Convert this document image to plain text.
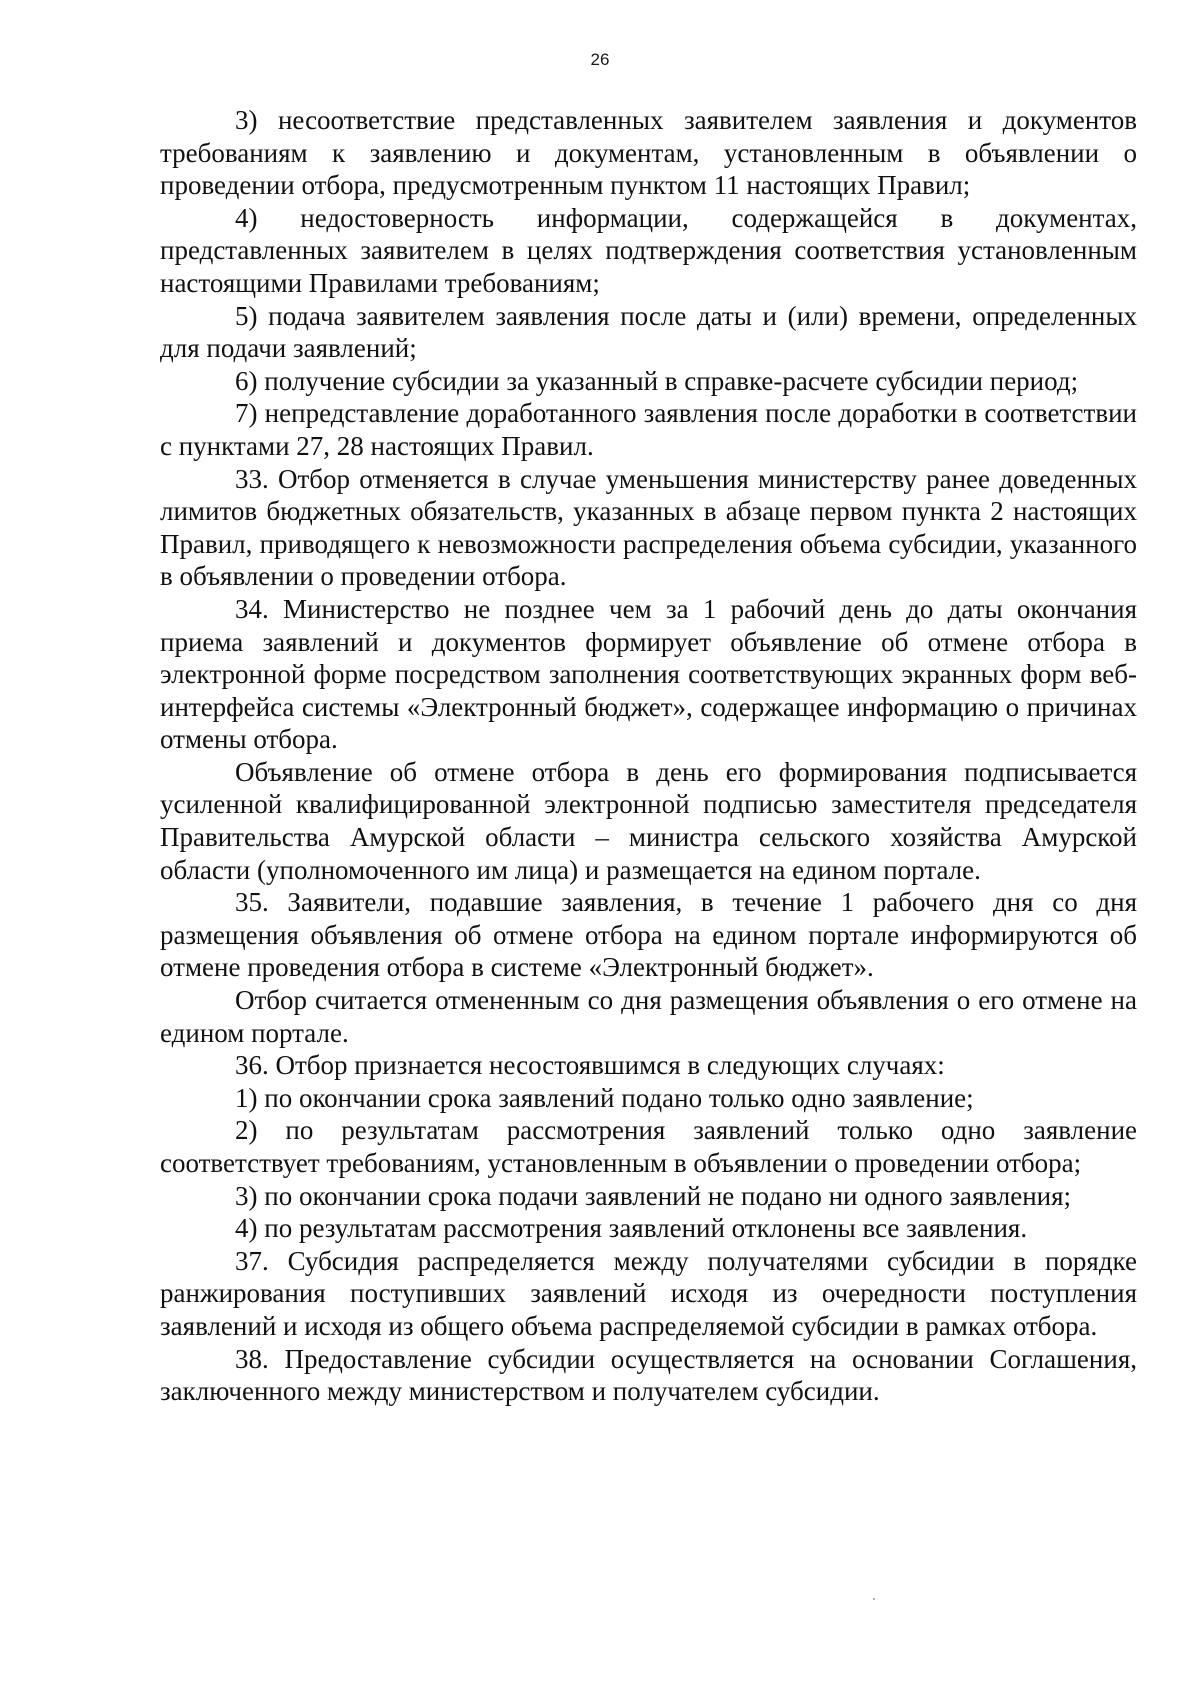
26

3) несоответствие представленных заявителем заявления и документов требованиям к заявлению и документам, установленным в объявлении о проведении отбора, предусмотренным пунктом 11 настоящих Правил;

4) недостоверность информации, содержащейся в документах, представленных заявителем в целях подтверждения соответствия установленным настоящими Правилами требованиям;

5) подача заявителем заявления после даты и (или) времени, определенных для подачи заявлений;

6) получение субсидии за указанный в справке-расчете субсидии период;

7) непредставление доработанного заявления после доработки в соответствии с пунктами 27, 28 настоящих Правил.

33. Отбор отменяется в случае уменьшения министерству ранее доведенных лимитов бюджетных обязательств, указанных в абзаце первом пункта 2 настоящих Правил, приводящего к невозможности распределения объема субсидии, указанного в объявлении о проведении отбора.

34. Министерство не позднее чем за 1 рабочий день до даты окончания приема заявлений и документов формирует объявление об отмене отбора в электронной форме посредством заполнения соответствующих экранных форм веб-интерфейса системы «Электронный бюджет», содержащее информацию о причинах отмены отбора.

Объявление об отмене отбора в день его формирования подписывается усиленной квалифицированной электронной подписью заместителя председателя Правительства Амурской области – министра сельского хозяйства Амурской области (уполномоченного им лица) и размещается на едином портале.

35. Заявители, подавшие заявления, в течение 1 рабочего дня со дня размещения объявления об отмене отбора на едином портале информируются об отмене проведения отбора в системе «Электронный бюджет».

Отбор считается отмененным со дня размещения объявления о его отмене на едином портале.

36. Отбор признается несостоявшимся в следующих случаях:

1) по окончании срока заявлений подано только одно заявление;

2) по результатам рассмотрения заявлений только одно заявление соответствует требованиям, установленным в объявлении о проведении отбора;

3) по окончании срока подачи заявлений не подано ни одного заявления;

4) по результатам рассмотрения заявлений отклонены все заявления.

37. Субсидия распределяется между получателями субсидии в порядке ранжирования поступивших заявлений исходя из очередности поступления заявлений и исходя из общего объема распределяемой субсидии в рамках отбора.

38. Предоставление субсидии осуществляется на основании Соглашения, заключенного между министерством и получателем субсидии.
